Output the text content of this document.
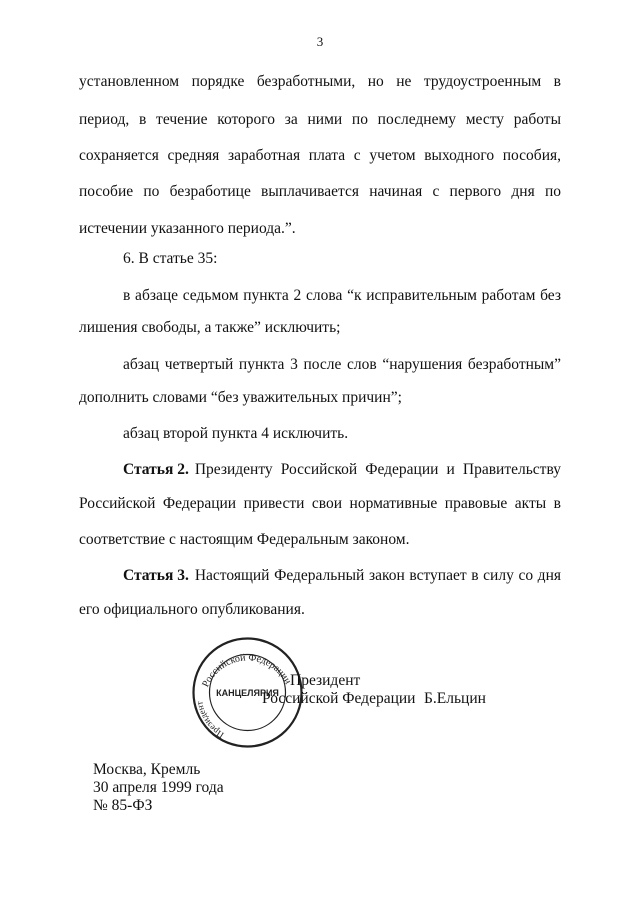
3
установленном порядке безработными, но не трудоустроенным в
период, в течение которого за ними по последнему месту работы
сохраняется средняя заработная плата с учетом выходного пособия,
пособие по безработице выплачивается начиная с первого дня по
истечении указанного периода.”.
6. В статье 35:
в абзаце седьмом пункта 2 слова “к исправительным работам без
лишения свободы, а также” исключить;
абзац четвертый пункта 3 после слов “нарушения безработным”
дополнить словами “без уважительных причин”;
абзац второй пункта 4 исключить.
Статья 2. Президенту Российской Федерации и Правительству
Российской Федерации привести свои нормативные правовые акты в
соответствие с настоящим Федеральным законом.
Статья 3. Настоящий Федеральный закон вступает в силу со дня
его официального опубликования.
Российской Федерации
Президент
КАНЦЕЛЯРИЯ
Президент
Российской Федерации Б.Ельцин
Москва, Кремль
30 апреля 1999 года
№ 85-ФЗ
